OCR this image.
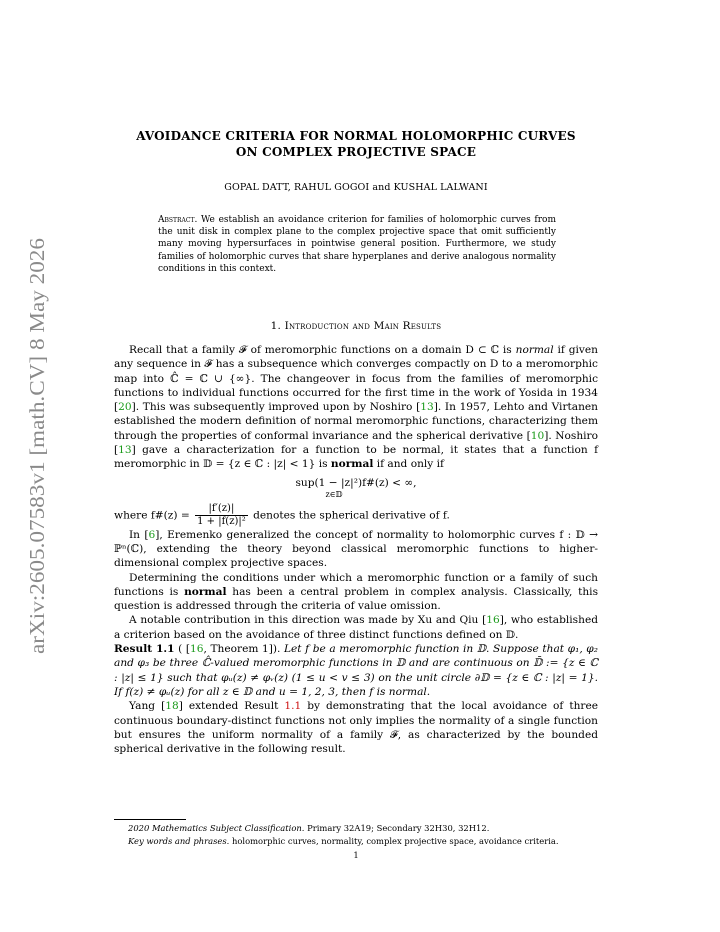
arXiv:2605.07583v1 [math.CV] 8 May 2026
AVOIDANCE CRITERIA FOR NORMAL HOLOMORPHIC CURVES
ON COMPLEX PROJECTIVE SPACE
GOPAL DATT, RAHUL GOGOI and KUSHAL LALWANI
Abstract. We establish an avoidance criterion for families of holomorphic curves from the unit disk in complex plane to the complex projective space that omit sufficiently many moving hypersurfaces in pointwise general position. Furthermore, we study families of holomorphic curves that share hyperplanes and derive analogous normality conditions in this context.
1. Introduction and Main Results

Recall that a family 𝓕 of meromorphic functions on a domain D ⊂ ℂ is normal if given any sequence in 𝓕 has a subsequence which converges compactly on D to a meromorphic map into ℂ̂ = ℂ ∪ {∞}. The changeover in focus from the families of meromorphic functions to individual functions occurred for the first time in the work of Yosida in 1934 [20]. This was subsequently improved upon by Noshiro [13]. In 1957, Lehto and Virtanen established the modern definition of normal meromorphic functions, characterizing them through the properties of conformal invariance and the spherical derivative [10]. Noshiro [13] gave a characterization for a function to be normal, it states that a function f meromorphic in 𝔻 = {z ∈ ℂ : |z| < 1} is normal if and only if

sup(1 − |z|²)f#(z) < ∞,
z∈𝔻

where f#(z) = $\frac{|f'(z)|}{\text{1 + |f(z)|²}}$ denotes the spherical derivative of f.

In [6], Eremenko generalized the concept of normality to holomorphic curves f : 𝔻 → ℙⁿ(ℂ), extending the theory beyond classical meromorphic functions to higher-dimensional complex projective spaces.

Determining the conditions under which a meromorphic function or a family of such functions is normal has been a central problem in complex analysis. Classically, this question is addressed through the criteria of value omission.

A notable contribution in this direction was made by Xu and Qiu [16], who established a criterion based on the avoidance of three distinct functions defined on 𝔻.

Result 1.1 ( [16, Theorem 1]). Let f be a meromorphic function in 𝔻. Suppose that φ₁, φ₂ and φ₃ be three ℂ̂-valued meromorphic functions in 𝔻 and are continuous on 𝔻̄ := {z ∈ ℂ : |z| ≤ 1} such that φᵤ(z) ≠ φᵥ(z) (1 ≤ u < v ≤ 3) on the unit circle ∂𝔻 = {z ∈ ℂ : |z| = 1}. If f(z) ≠ φᵤ(z) for all z ∈ 𝔻 and u = 1, 2, 3, then f is normal.

Yang [18] extended Result 1.1 by demonstrating that the local avoidance of three continuous boundary-distinct functions not only implies the normality of a single function but ensures the uniform normality of a family 𝓕, as characterized by the bounded spherical derivative in the following result.

2020 Mathematics Subject Classification. Primary 32A19; Secondary 32H30, 32H12.
Key words and phrases. holomorphic curves, normality, complex projective space, avoidance criteria.
1
